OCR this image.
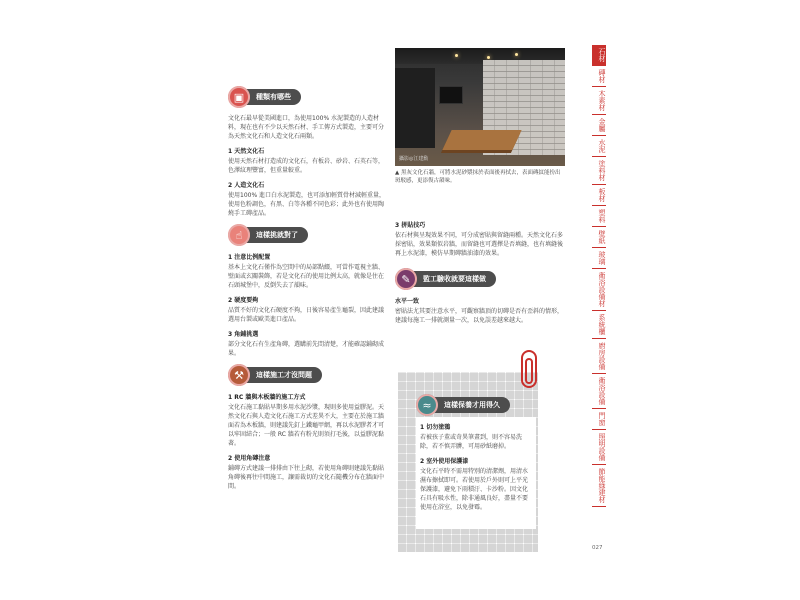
▣	種類有哪些

文化石最早從美國進口，為使用100% 水泥製造的人造材料，現在也有不少以天然石材、手工傳方式製造，主要可分為天然文化石和人造文化石兩類。

1 天然文化石

使用天然石材打造成的文化石，有板岩、砂岩、石英石等，色澤紋理豐富，但重量較重。

2 人造文化石

使用100% 進口白水泥製造，也可添加輕質骨材減輕重量，使用色粉調色，有黑、白等各種不同色彩；此外也有使用陶燒手工磚產品。

☝	這樣挑就對了
1 注意比例配置

基本上文化石僅作為空間中的局部點綴，可當作電視主牆、壁面或玄關裝飾，若是文化石的使用比例太高，就像是住在石頭城堡中，反倒失去了韻味。

2 硬度要夠

品質不好的文化石硬度不夠，日後容易產生龜裂，因此建議選用台製或歐美進口產品。

3 角鋪挑選

部分文化石有生產角磚，選購前先問清楚，才能確認鋪砌成果。

⚒	這樣施工才沒問題
1 RC 牆與木板牆的施工方式

文化石施工黏貼早期多用水泥沙漿，現則多使用益膠泥。天然文化石與人造文化石施工方式差異不大，主要在於施工牆面若為木板牆，則建議先釘上鐵龜甲網，再以水泥膠者才可以牢固結合；一般 RC 牆若有粉光則須打毛後，以益膠泥黏著。

2 使用角磚注意

鋪磚方式建議一排排由下往上砌，若使用角磚則建議先黏貼角磚後再往中間施工，讓需裁切的文化石隨機分布在牆面中間。

攝影◎江建勳
▲ 黑灰文化石牆，可將水泥砂漿抹於表面後再拭去，表面磚紋能扮出斑駁感，更添復古韻味。
3 拼貼技巧

依石材與呈現效果不同，可分成密貼與留縫兩種。天然文化石多採密貼，效果類似岩牆，而留縫也可選擇是否填縫，也有填縫後再上水泥漆，模仿早期磚牆油漆的效果。

✎	監工驗收就要這樣做
水平一致

密貼法尤其要注意水平，可觀察牆頂的切磚是否有歪斜的情形，建議每施工一排就測量一次，以免誤差越來越大。

≈	這樣保養才用得久
1 切勿塗鴉

若被孩子董或奇異筆畫到，則不容易洗除，若不慎弄髒，可用砂紙磨掉。

2 室外使用保護漆

文化石平時不需用特別的清潔劑，用清水濕布擦拭即可。若使用於戶外則可上平光保護漆，避免下雨積汙、卡沙粉。因文化石具有吸水性，除非通風良好，盡量不要使用在浴室，以免發霉。

石材
磚材
木素材
金屬
水泥
塗料材
板材
塑料
壁紙
玻璃
衛浴設備材
系統櫃
廚房設備
衛浴設備
門窗
照明設備
節能綠建材
027
